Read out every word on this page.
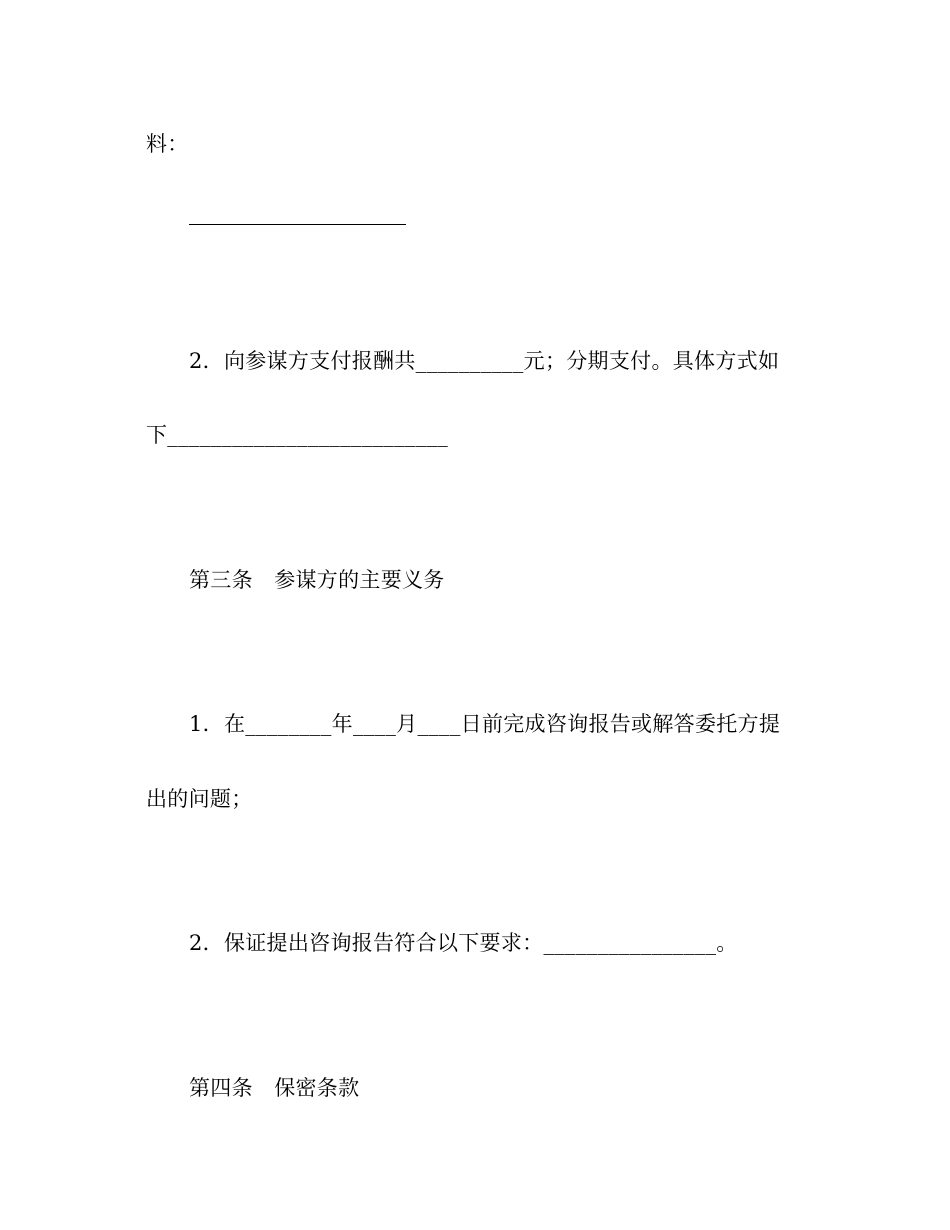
料：
2．向参谋方支付报酬共__________元；分期支付。具体方式如
下__________________________
第三条　参谋方的主要义务
1．在________年____月____日前完成咨询报告或解答委托方提
出的问题；
2．保证提出咨询报告符合以下要求：________________。
第四条　保密条款
